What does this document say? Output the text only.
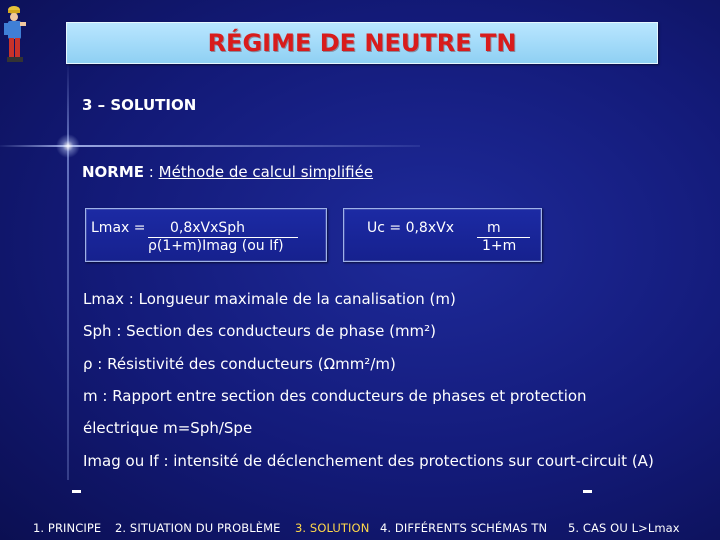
RÉGIME DE NEUTRE TN
3 – SOLUTION
NORME : Méthode de calcul simplifiée
Lmax = 0,8xVxSph
ρ(1+m)Imag (ou If)
Uc = 0,8xVx m
1+m
Lmax : Longueur maximale de la canalisation (m)
Sph : Section des conducteurs de phase (mm²)
ρ : Résistivité des conducteurs (Ωmm²/m)
m : Rapport entre section des conducteurs de phases et protection
électrique m=Sph/Spe
Imag ou If : intensité de déclenchement des protections sur court-circuit (A)
1. PRINCIPE 2. SITUATION DU PROBLÈME 3. SOLUTION 4. DIFFÉRENTS SCHÉMAS TN 5. CAS OU L>Lmax
